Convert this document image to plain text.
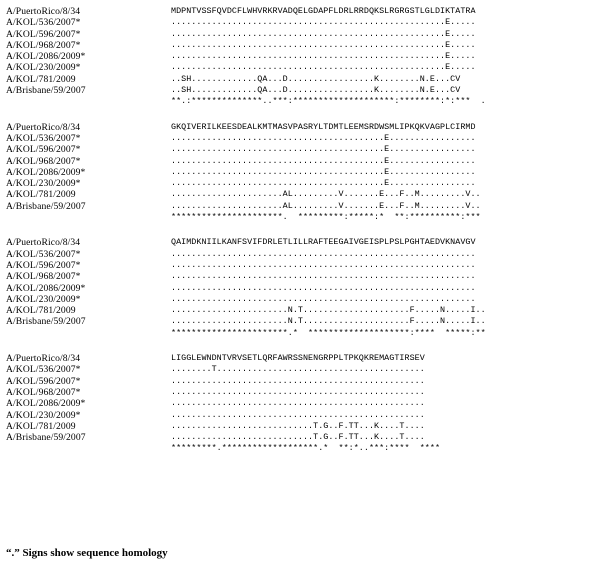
A/PuertoRico/8/34	MDPNTVSSFQVDCFLWHVRKRVADQELGDAPFLDRLRRDQKSLRGRGSTLGLDIKTATRA
A/KOL/536/2007*	......................................................E.....
A/KOL/596/2007*	......................................................E.....
A/KOL/968/2007*	......................................................E.....
A/KOL/2086/2009*	......................................................E.....
A/KOL/230/2009*	......................................................E.....
A/KOL/781/2009	..SH.............QA...D.................K........N.E...CV
A/Brisbane/59/2007	..SH.............QA...D.................K........N.E...CV
**.:**************..***:********************:********:*:***  .
A/PuertoRico/8/34	GKQIVERILKEESDEALKMTMASVPASRYLTDMTLEEMSRDWSMLIPKQKVAGPLCIRMD
A/KOL/536/2007*	..........................................E.................
A/KOL/596/2007*	..........................................E.................
A/KOL/968/2007*	..........................................E.................
A/KOL/2086/2009*	..........................................E.................
A/KOL/230/2009*	..........................................E.................
A/KOL/781/2009	......................AL.........V.......E...F..M.........V..
A/Brisbane/59/2007	......................AL.........V.......E...F..M.........V..
**********************.  *********:*****:*  **:**********:***
A/PuertoRico/8/34	QAIMDKNIILKANFSVIFDRLETLILLRAFTEEGAIVGEISPLPSLPGHTAEDVKNAVGV
A/KOL/536/2007*	............................................................
A/KOL/596/2007*	............................................................
A/KOL/968/2007*	............................................................
A/KOL/2086/2009*	............................................................
A/KOL/230/2009*	............................................................
A/KOL/781/2009	.......................N.T.....................F.....N.....I..
A/Brisbane/59/2007	.......................N.T.....................F.....N.....I..
***********************.*  ********************:****  *****:**
A/PuertoRico/8/34	LIGGLEWNDNTVRVSETLQRFAWRSSNENGRPPLTPKQKREMAGTIRSEV
A/KOL/536/2007*	........T.........................................
A/KOL/596/2007*	..................................................
A/KOL/968/2007*	..................................................
A/KOL/2086/2009*	..................................................
A/KOL/230/2009*	..................................................
A/KOL/781/2009	............................T.G..F.TT...K....T....
A/Brisbane/59/2007	............................T.G..F.TT...K....T....
*********.*******************.*  **:*..***:****  ****
“.” Signs show sequence homology
